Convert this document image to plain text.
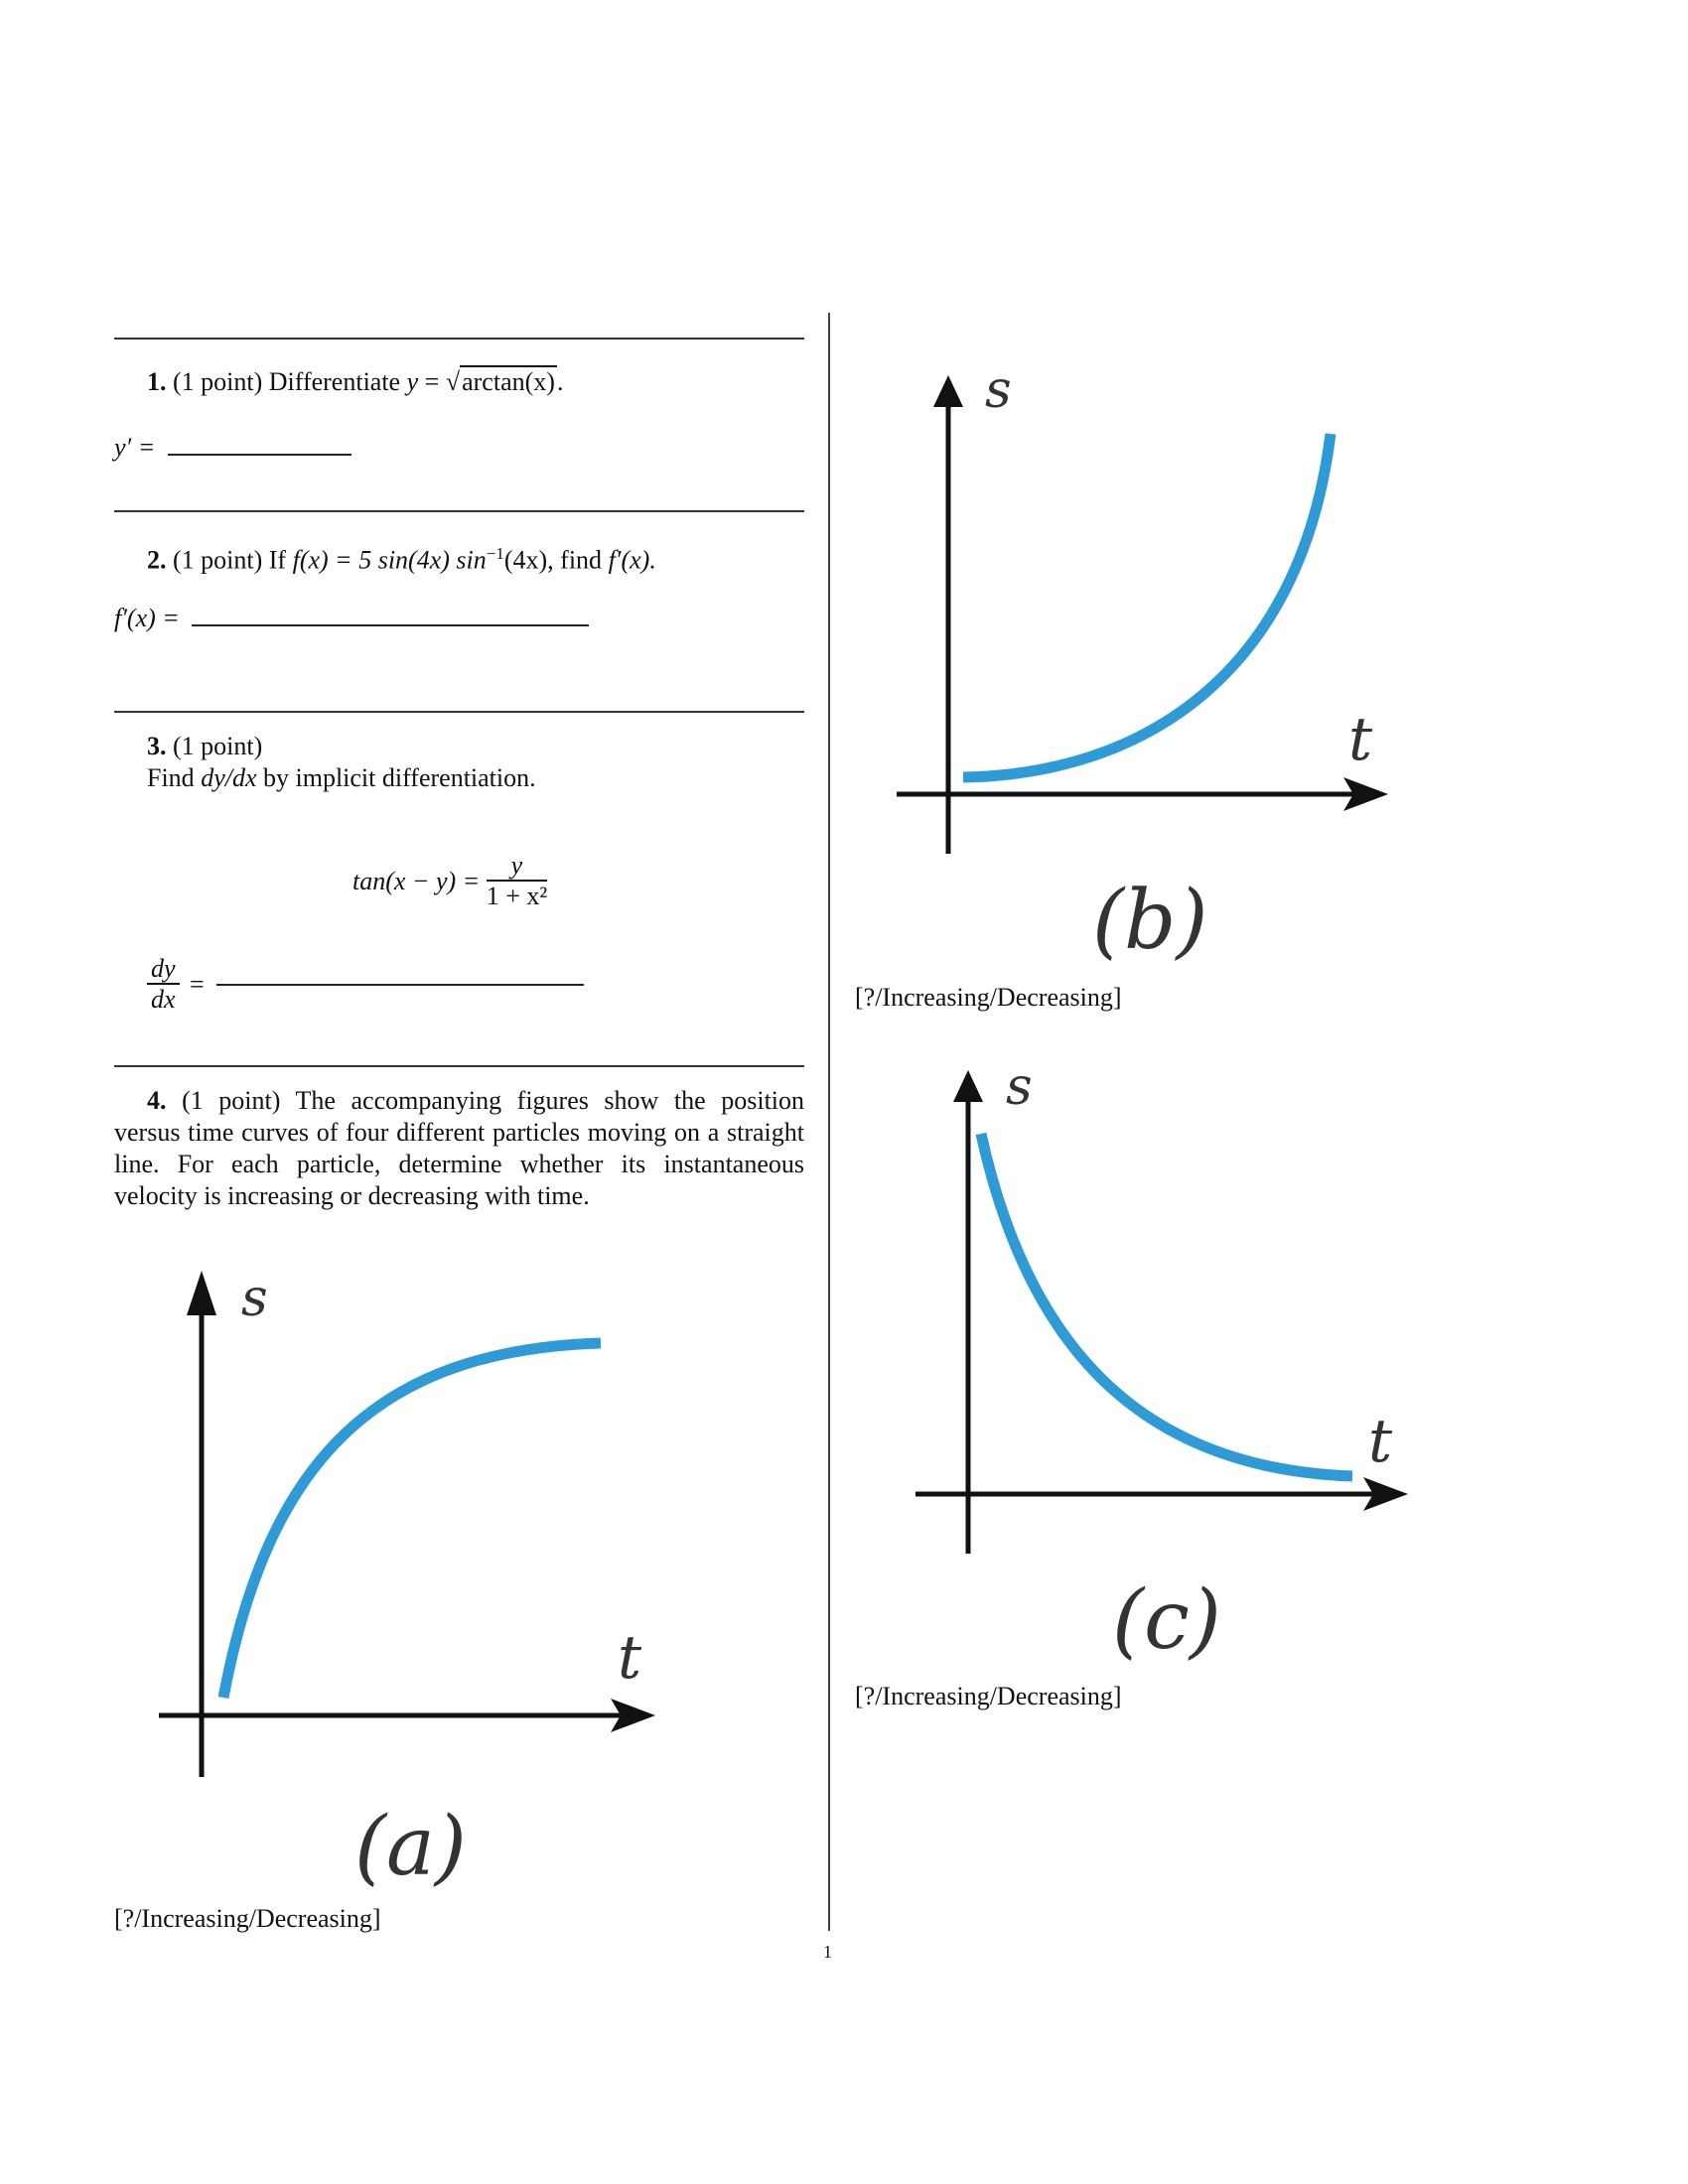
1. (1 point) Differentiate y = √arctan(x).
y′ =
2. (1 point) If f(x) = 5 sin(4x) $\sin^{-1}(4x)$, find f′(x).
f′(x) =
3. (1 point)
Find dy/dx by implicit differentiation.
$\tan(x - y) = \frac{y}{\text{1 + x²}}$
$\frac{dy}{dx}$ =
4. (1 point) The accompanying figures show the position versus time curves of four different particles moving on a straight line. For each particle, determine whether its instantaneous velocity is increasing or decreasing with time.
s
t
(a)
s
t
(b)
s
t
(c)
[?/Increasing/Decreasing]
[?/Increasing/Decreasing]
[?/Increasing/Decreasing]
1
